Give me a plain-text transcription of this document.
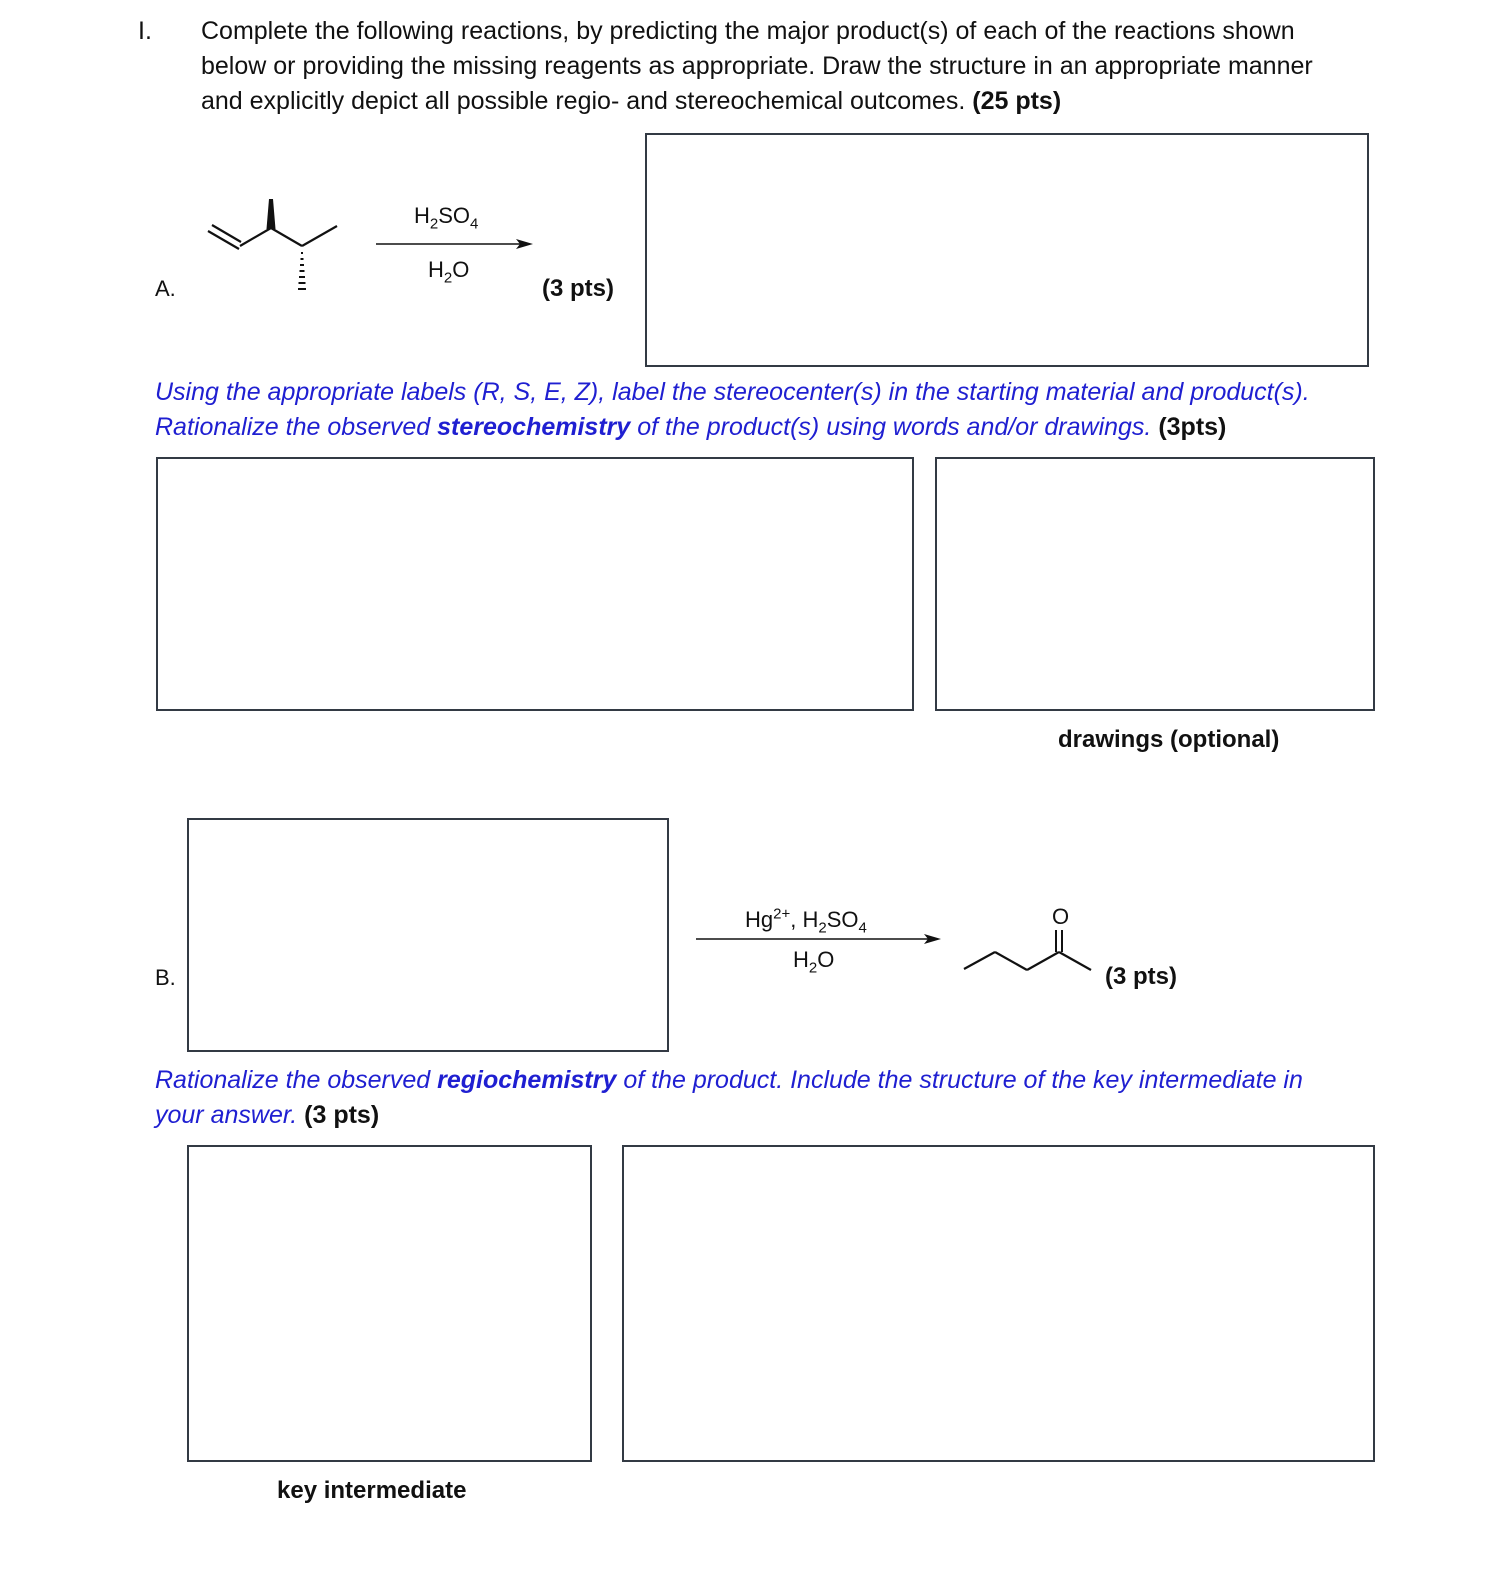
I. Complete the following reactions, by predicting the major product(s) of each of the reactions shown
below or providing the missing reagents as appropriate. Draw the structure in an appropriate manner
and explicitly depict all possible regio- and stereochemical outcomes. (25 pts)
A.
$H_2SO_4$
$H_2O$
(3 pts)
Using the appropriate labels (R, S, E, Z), label the stereocenter(s) in the starting material and product(s).
Rationalize the observed stereochemistry of the product(s) using words and/or drawings. (3pts)
drawings (optional)
B.
$Hg^{2+}$, $H_2SO_4$
$H_2O$
O
(3 pts)
Rationalize the observed regiochemistry of the product. Include the structure of the key intermediate in
your answer. (3 pts)
key intermediate
